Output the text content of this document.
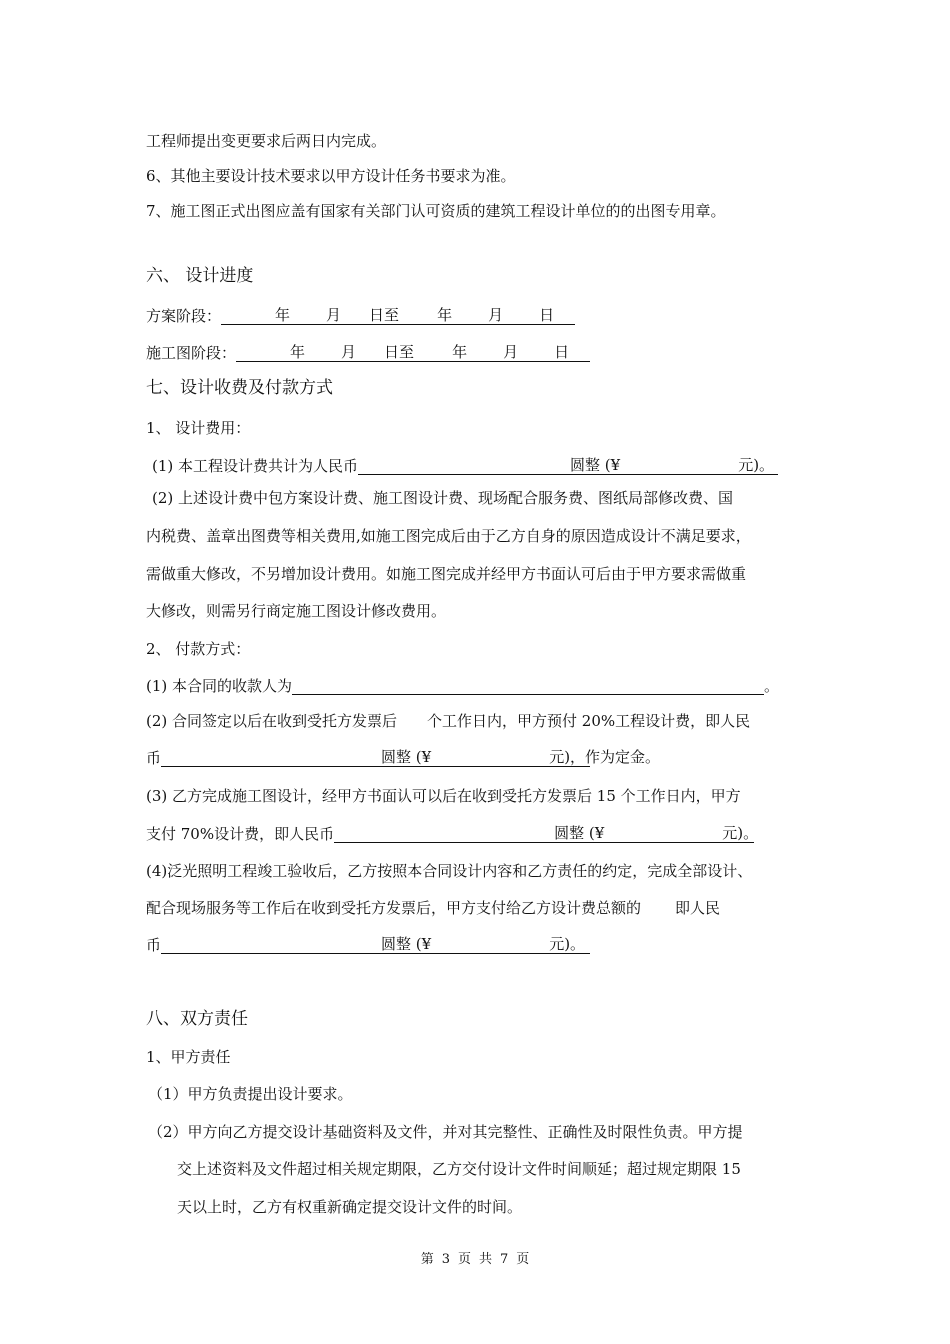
工程师提出变更要求后两日内完成。
6、其他主要设计技术要求以甲方设计任务书要求为准。
7、施工图正式出图应盖有国家有关部门认可资质的建筑工程设计单位的的出图专用章。
六、 设计进度
方案阶段：	年 月 日至	年 月 日
施工图阶段：	年 月 日至	年 月 日
七、设计收费及付款方式
1、 设计费用：
(1) 本工程设计费共计为人民币	圆整 (¥	元)。
(2) 上述设计费中包方案设计费、施工图设计费、现场配合服务费、图纸局部修改费、国
内税费、盖章出图费等相关费用,如施工图完成后由于乙方自身的原因造成设计不满足要求，
需做重大修改，不另增加设计费用。如施工图完成并经甲方书面认可后由于甲方要求需做重
大修改，则需另行商定施工图设计修改费用。
2、 付款方式：
(1) 本合同的收款人为	。
(2) 合同签定以后在收到受托方发票后 个工作日内，甲方预付 20%工程设计费，即人民
币	圆整 (¥	元)，作为定金。
(3) 乙方完成施工图设计，经甲方书面认可以后在收到受托方发票后 15 个工作日内，甲方
支付 70%设计费，即人民币	圆整 (¥	元)。
(4)泛光照明工程竣工验收后，乙方按照本合同设计内容和乙方责任的约定，完成全部设计、
配合现场服务等工作后在收到受托方发票后，甲方支付给乙方设计费总额的 即人民
币	圆整 (¥	元)。
八、双方责任
1、甲方责任
（1）甲方负责提出设计要求。
（2）甲方向乙方提交设计基础资料及文件，并对其完整性、正确性及时限性负责。甲方提
交上述资料及文件超过相关规定期限，乙方交付设计文件时间顺延；超过规定期限 15
天以上时，乙方有权重新确定提交设计文件的时间。
第 3 页 共 7 页
